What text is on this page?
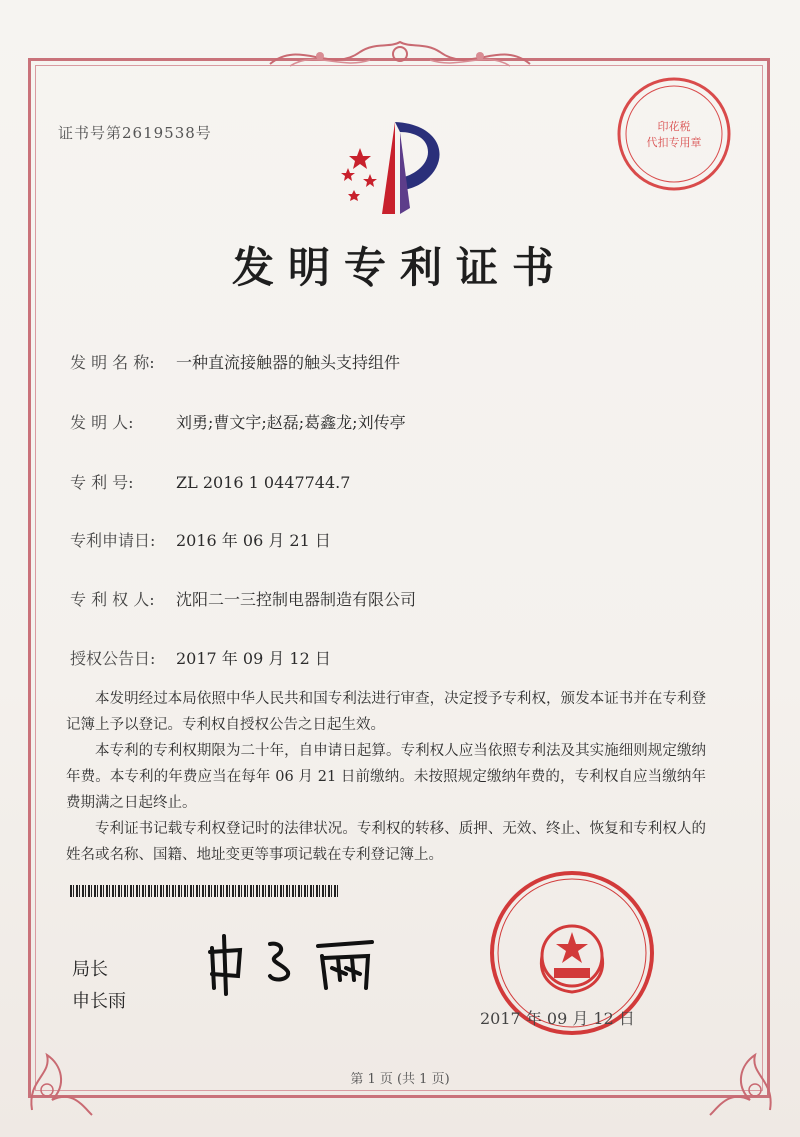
证书号第2619538号	印花税
代扣专用章
发明专利证书
发 明 名 称: 一种直流接触器的触头支持组件
发 明 人:	刘勇;曹文宇;赵磊;葛鑫龙;刘传亭
专 利 号:	ZL 2016 1 0447744.7
专利申请日: 2016 年 06 月 21 日
专 利 权 人: 沈阳二一三控制电器制造有限公司
授权公告日: 2017 年 09 月 12 日

本发明经过本局依照中华人民共和国专利法进行审查，决定授予专利权，颁发本证书并在专利登记簿上予以登记。专利权自授权公告之日起生效。

本专利的专利权期限为二十年，自申请日起算。专利权人应当依照专利法及其实施细则规定缴纳年费。本专利的年费应当在每年 06 月 21 日前缴纳。未按照规定缴纳年费的，专利权自应当缴纳年费期满之日起终止。

专利证书记载专利权登记时的法律状况。专利权的转移、质押、无效、终止、恢复和专利权人的姓名或名称、国籍、地址变更等事项记载在专利登记簿上。

局长
申长雨
2017 年 09 月 12 日
第 1 页 (共 1 页)
